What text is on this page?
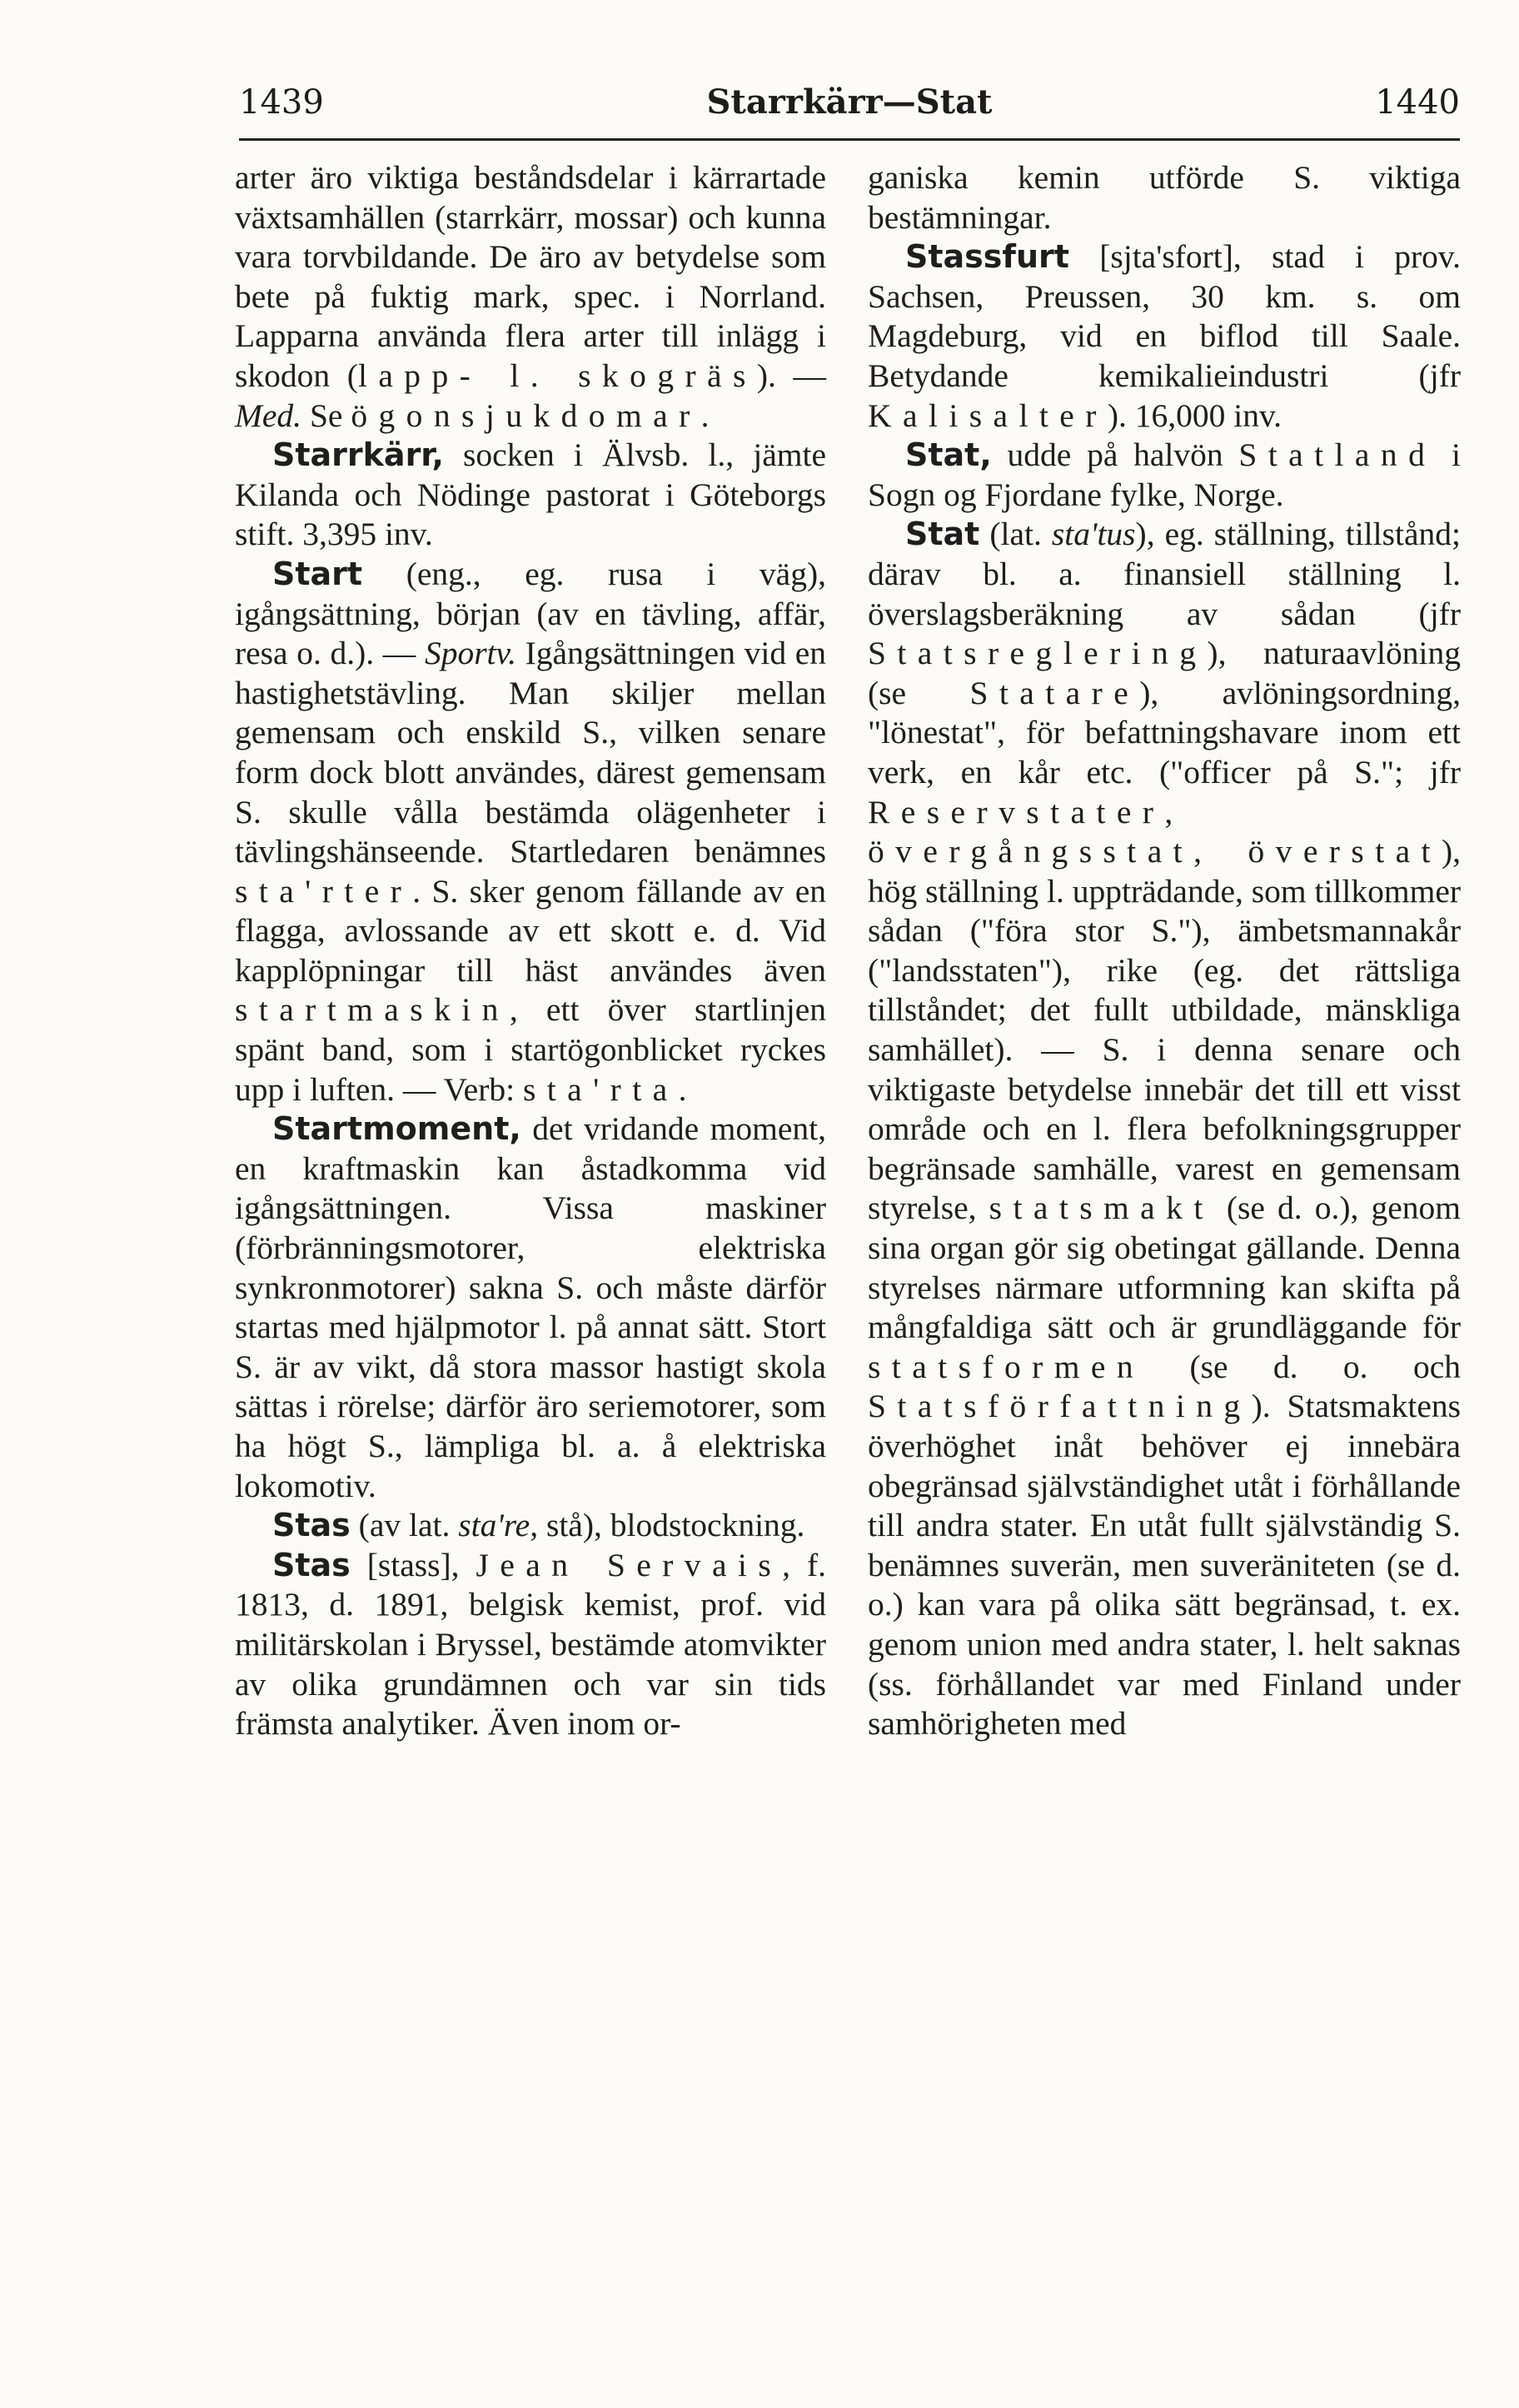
1439	Starrkärr—Stat	1440

arter äro viktiga beståndsdelar i kärrartade växtsamhällen (starrkärr, mossar) och kunna vara torvbildande. De äro av betydelse som bete på fuktig mark, spec. i Norrland. Lapparna använda flera arter till inlägg i skodon (lapp- l. skogräs). — Med. Se ögonsjukdomar.

Starrkärr, socken i Älvsb. l., jämte Kilanda och Nödinge pastorat i Göteborgs stift. 3,395 inv.

Start (eng., eg. rusa i väg), igångsättning, början (av en tävling, affär, resa o. d.). — Sportv. Igångsättningen vid en hastighetstävling. Man skiljer mellan gemensam och enskild S., vilken senare form dock blott användes, därest gemensam S. skulle vålla bestämda olägenheter i tävlingshänseende. Startledaren benämnes sta'rter. S. sker genom fällande av en flagga, avlossande av ett skott e. d. Vid kapplöpningar till häst användes även startmaskin, ett över startlinjen spänt band, som i startögonblicket ryckes upp i luften. — Verb: sta'rta.

Startmoment, det vridande moment, en kraftmaskin kan åstadkomma vid igångsättningen. Vissa maskiner (förbränningsmotorer, elektriska synkronmotorer) sakna S. och måste därför startas med hjälpmotor l. på annat sätt. Stort S. är av vikt, då stora massor hastigt skola sättas i rörelse; därför äro seriemotorer, som ha högt S., lämpliga bl. a. å elektriska lokomotiv.

Stas (av lat. sta're, stå), blodstockning.

Stas [stass], Jean Servais, f. 1813, d. 1891, belgisk kemist, prof. vid militärskolan i Bryssel, bestämde atomvikter av olika grundämnen och var sin tids främsta analytiker. Även inom or-

ganiska kemin utförde S. viktiga bestämningar.

Stassfurt [sjta'sfort], stad i prov. Sachsen, Preussen, 30 km. s. om Magdeburg, vid en biflod till Saale. Betydande kemikalieindustri (jfr Kalisalter). 16,000 inv.

Stat, udde på halvön Statland i Sogn og Fjordane fylke, Norge.

Stat (lat. sta'tus), eg. ställning, tillstånd; därav bl. a. finansiell ställning l. överslagsberäkning av sådan (jfr Statsreglering), naturaavlöning (se Statare), avlöningsordning, "lönestat", för befattningshavare inom ett verk, en kår etc. ("officer på S."; jfr Reservstater, övergångsstat, överstat), hög ställning l. uppträdande, som tillkommer sådan ("föra stor S."), ämbetsmannakår ("landsstaten"), rike (eg. det rättsliga tillståndet; det fullt utbildade, mänskliga samhället). — S. i denna senare och viktigaste betydelse innebär det till ett visst område och en l. flera befolkningsgrupper begränsade samhälle, varest en gemensam styrelse, statsmakt (se d. o.), genom sina organ gör sig obetingat gällande. Denna styrelses närmare utformning kan skifta på mångfaldiga sätt och är grundläggande för statsformen (se d. o. och Statsförfattning). Statsmaktens överhöghet inåt behöver ej innebära obegränsad självständighet utåt i förhållande till andra stater. En utåt fullt självständig S. benämnes suverän, men suveräniteten (se d. o.) kan vara på olika sätt begränsad, t. ex. genom union med andra stater, l. helt saknas (ss. förhållandet var med Finland under samhörigheten med
